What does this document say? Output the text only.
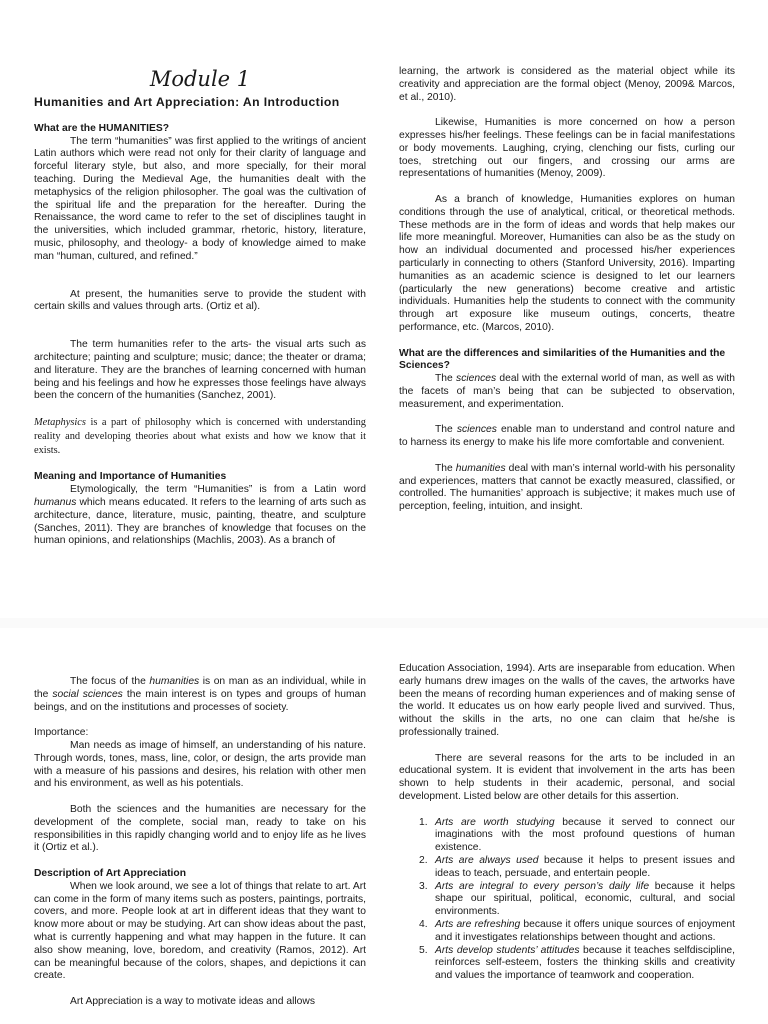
Module 1

Humanities and Art Appreciation: An Introduction

What are the HUMANITIES?

The term “humanities” was first applied to the writings of ancient Latin authors which were read not only for their clarity of language and forceful literary style, but also, and more specially, for their moral teaching. During the Medieval Age, the humanities dealt with the metaphysics of the religion philosopher. The goal was the cultivation of the spiritual life and the preparation for the hereafter. During the Renaissance, the word came to refer to the set of disciplines taught in the universities, which included grammar, rhetoric, history, literature, music, philosophy, and theology- a body of knowledge aimed to make man “human, cultured, and refined.”

At present, the humanities serve to provide the student with certain skills and values through arts. (Ortiz et al).

The term humanities refer to the arts- the visual arts such as architecture; painting and sculpture; music; dance; the theater or drama; and literature. They are the branches of learning concerned with human being and his feelings and how he expresses those feelings have always been the concern of the humanities (Sanchez, 2001).

Metaphysics is a part of philosophy which is concerned with understanding reality and developing theories about what exists and how we know that it exists.

Meaning and Importance of Humanities

Etymologically, the term “Humanities” is from a Latin word humanus which means educated. It refers to the learning of arts such as architecture, dance, literature, music, painting, theatre, and sculpture (Sanches, 2011). They are branches of knowledge that focuses on the human opinions, and relationships (Machlis, 2003). As a branch of

learning, the artwork is considered as the material object while its creativity and appreciation are the formal object (Menoy, 2009& Marcos, et al., 2010).

Likewise, Humanities is more concerned on how a person expresses his/her feelings. These feelings can be in facial manifestations or body movements. Laughing, crying, clenching our fists, curling our toes, stretching out our fingers, and crossing our arms are representations of humanities (Menoy, 2009).

As a branch of knowledge, Humanities explores on human conditions through the use of analytical, critical, or theoretical methods. These methods are in the form of ideas and words that help makes our life more meaningful. Moreover, Humanities can also be as the study on how an individual documented and processed his/her experiences particularly in connecting to others (Stanford University, 2016). Imparting humanities as an academic science is designed to let our learners (particularly the new generations) become creative and artistic individuals. Humanities help the students to connect with the community through art exposure like museum outings, concerts, theatre performance, etc. (Marcos, 2010).

What are the differences and similarities of the Humanities and the Sciences?

The sciences deal with the external world of man, as well as with the facets of man’s being that can be subjected to observation, measurement, and experimentation.

The sciences enable man to understand and control nature and to harness its energy to make his life more comfortable and convenient.

The humanities deal with man’s internal world-with his personality and experiences, matters that cannot be exactly measured, classified, or controlled. The humanities’ approach is subjective; it makes much use of perception, feeling, intuition, and insight.

The focus of the humanities is on man as an individual, while in the social sciences the main interest is on types and groups of human beings, and on the institutions and processes of society.

Importance:

Man needs as image of himself, an understanding of his nature. Through words, tones, mass, line, color, or design, the arts provide man with a measure of his passions and desires, his relation with other men and his environment, as well as his potentials.

Both the sciences and the humanities are necessary for the development of the complete, social man, ready to take on his responsibilities in this rapidly changing world and to enjoy life as he lives it (Ortiz et al.).

Description of Art Appreciation

When we look around, we see a lot of things that relate to art. Art can come in the form of many items such as posters, paintings, portraits, covers, and more. People look at art in different ideas that they want to know more about or may be studying. Art can show ideas about the past, what is currently happening and what may happen in the future. It can also show meaning, love, boredom, and creativity (Ramos, 2012). Art can be meaningful because of the colors, shapes, and depictions it can create.

Art Appreciation is a way to motivate ideas and allows

Education Association, 1994). Arts are inseparable from education. When early humans drew images on the walls of the caves, the artworks have been the means of recording human experiences and of making sense of the world. It educates us on how early people lived and survived. Thus, without the skills in the arts, no one can claim that he/she is professionally trained.

There are several reasons for the arts to be included in an educational system. It is evident that involvement in the arts has been shown to help students in their academic, personal, and social development. Listed below are other details for this assertion.

1. Arts are worth studying because it served to connect our imaginations with the most profound questions of human existence.
2. Arts are always used because it helps to present issues and ideas to teach, persuade, and entertain people.
3. Arts are integral to every person’s daily life because it helps shape our spiritual, political, economic, cultural, and social environments.
4. Arts are refreshing because it offers unique sources of enjoyment and it investigates relationships between thought and actions.
5. Arts develop students’ attitudes because it teaches selfdiscipline, reinforces self-esteem, fosters the thinking skills and creativity and values the importance of teamwork and cooperation.
